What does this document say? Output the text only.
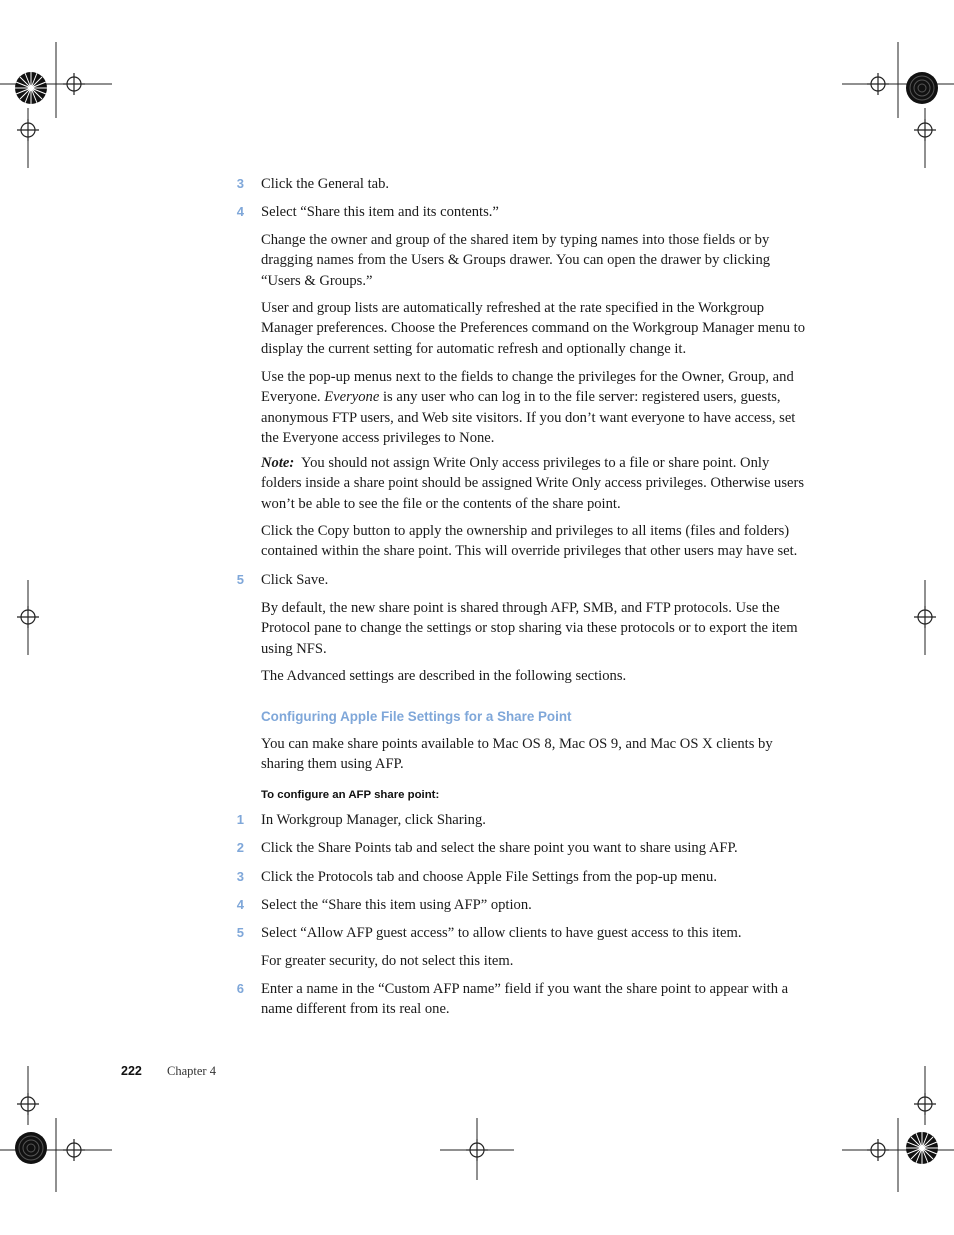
3 Click the General tab.

4 Select “Share this item and its contents.”

Change the owner and group of the shared item by typing names into those fields or by dragging names from the Users & Groups drawer. You can open the drawer by clicking “Users & Groups.”

User and group lists are automatically refreshed at the rate specified in the Workgroup Manager preferences. Choose the Preferences command on the Workgroup Manager menu to display the current setting for automatic refresh and optionally change it.

Use the pop-up menus next to the fields to change the privileges for the Owner, Group, and Everyone. Everyone is any user who can log in to the file server: registered users, guests, anonymous FTP users, and Web site visitors. If you don’t want everyone to have access, set the Everyone access privileges to None.

Note: You should not assign Write Only access privileges to a file or share point. Only folders inside a share point should be assigned Write Only access privileges. Otherwise users won’t be able to see the file or the contents of the share point.

Click the Copy button to apply the ownership and privileges to all items (files and folders) contained within the share point. This will override privileges that other users may have set.

5 Click Save.

By default, the new share point is shared through AFP, SMB, and FTP protocols. Use the Protocol pane to change the settings or stop sharing via these protocols or to export the item using NFS.

The Advanced settings are described in the following sections.

Configuring Apple File Settings for a Share Point

You can make share points available to Mac OS 8, Mac OS 9, and Mac OS X clients by sharing them using AFP.

To configure an AFP share point:

1 In Workgroup Manager, click Sharing.

2 Click the Share Points tab and select the share point you want to share using AFP.

3 Click the Protocols tab and choose Apple File Settings from the pop-up menu.

4 Select the “Share this item using AFP” option.

5 Select “Allow AFP guest access” to allow clients to have guest access to this item.

For greater security, do not select this item.

6 Enter a name in the “Custom AFP name” field if you want the share point to appear with a name different from its real one.

222 Chapter 4
